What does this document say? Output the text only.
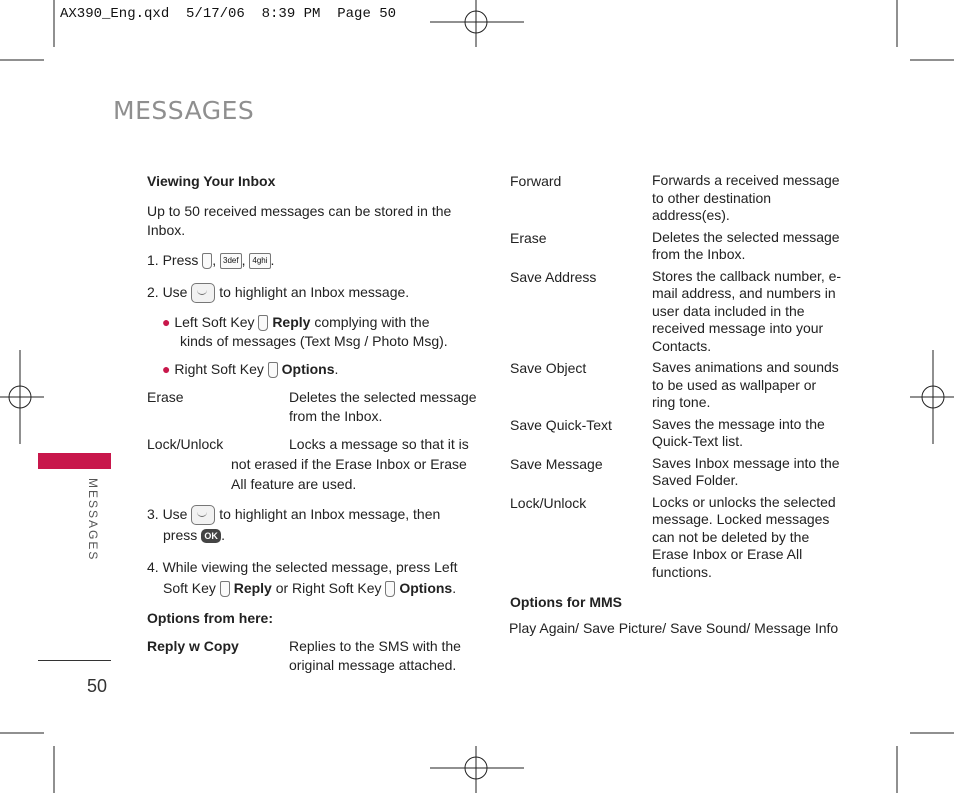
AX390_Eng.qxd  5/17/06  8:39 PM  Page 50
MESSAGES
MESSAGES
50
Viewing Your Inbox
Up to 50 received messages can be stored in the
Inbox.
1. Press , 3def , 4ghi .
2. Use to highlight an Inbox message.
● Left Soft Key Reply complying with the
kinds of messages (Text Msg / Photo Msg).
● Right Soft Key Options.
Erase	Deletes the selected message
from the Inbox.
Lock/Unlock	Locks a message so that it is
not erased if the Erase Inbox or Erase
All feature are used.
3. Use to highlight an Inbox message, then
press OK .
4. While viewing the selected message, press Left
Soft Key Reply or Right Soft Key Options.
Options from here:
Reply w Copy	Replies to the SMS with the
original message attached.
Forward	Forwards a received message
to other destination
address(es).
Erase	Deletes the selected message
from the Inbox.
Save Address	Stores the callback number, e-
mail address, and numbers in
user data included in the
received message into your
Contacts.
Save Object	Saves animations and sounds
to be used as wallpaper or
ring tone.
Save Quick-Text	Saves the message into the
Quick-Text list.
Save Message	Saves Inbox message into the
Saved Folder.
Lock/Unlock	Locks or unlocks the selected
message. Locked messages
can not be deleted by the
Erase Inbox or Erase All
functions.
Options for MMS
Play Again/ Save Picture/ Save Sound/ Message Info
